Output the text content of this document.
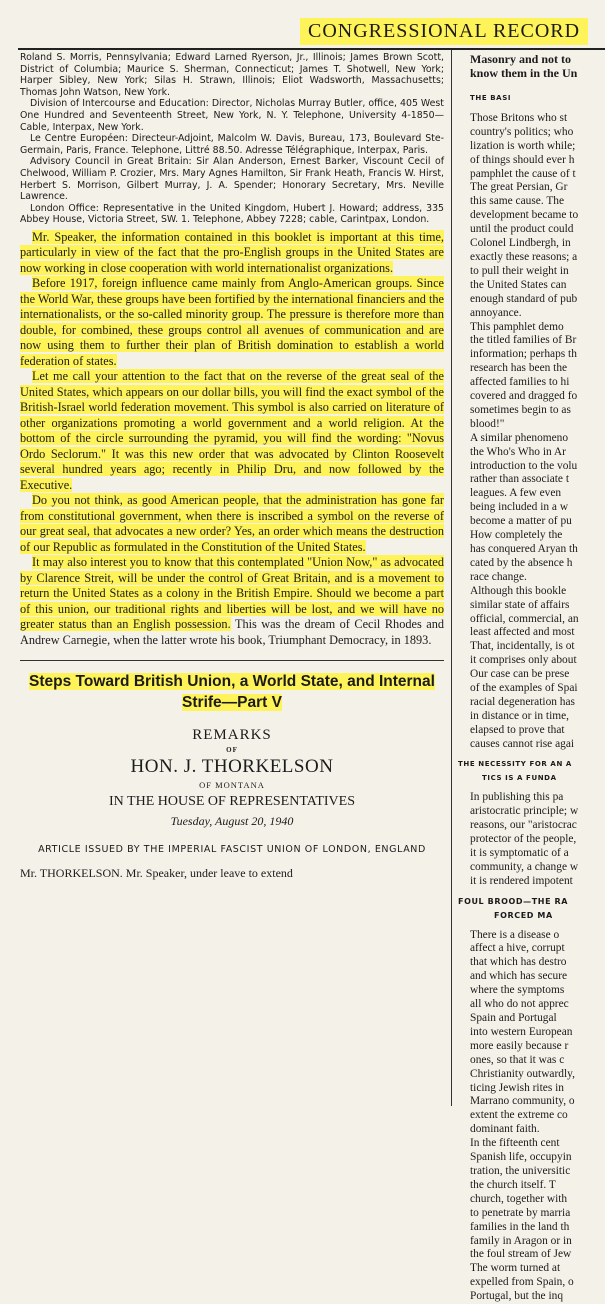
CONGRESSIONAL RECORD

Roland S. Morris, Pennsylvania; Edward Larned Ryerson, Jr., Illinois; James Brown Scott, District of Columbia; Maurice S. Sherman, Connecticut; James T. Shotwell, New York; Harper Sibley, New York; Silas H. Strawn, Illinois; Eliot Wadsworth, Massachusetts; Thomas John Watson, New York.

Division of Intercourse and Education: Director, Nicholas Murray Butler, office, 405 West One Hundred and Seventeenth Street, New York, N. Y. Telephone, University 4-1850—Cable, Interpax, New York.

Le Centre Européen: Directeur-Adjoint, Malcolm W. Davis, Bureau, 173, Boulevard Ste-Germain, Paris, France. Telephone, Littré 88.50. Adresse Télégraphique, Interpax, Paris.

Advisory Council in Great Britain: Sir Alan Anderson, Ernest Barker, Viscount Cecil of Chelwood, William P. Crozier, Mrs. Mary Agnes Hamilton, Sir Frank Heath, Francis W. Hirst, Herbert S. Morrison, Gilbert Murray, J. A. Spender; Honorary Secretary, Mrs. Neville Lawrence.

London Office: Representative in the United Kingdom, Hubert J. Howard; address, 335 Abbey House, Victoria Street, SW. 1. Telephone, Abbey 7228; cable, Carintpax, London.

Mr. Speaker, the information contained in this booklet is important at this time, particularly in view of the fact that the pro-English groups in the United States are now working in close cooperation with world internationalist organizations.

Before 1917, foreign influence came mainly from Anglo-American groups. Since the World War, these groups have been fortified by the international financiers and the internationalists, or the so-called minority group. The pressure is therefore more than double, for combined, these groups control all avenues of communication and are now using them to further their plan of British domination to establish a world federation of states.

Let me call your attention to the fact that on the reverse of the great seal of the United States, which appears on our dollar bills, you will find the exact symbol of the British-Israel world federation movement. This symbol is also carried on literature of other organizations promoting a world government and a world religion. At the bottom of the circle surrounding the pyramid, you will find the wording: "Novus Ordo Seclorum." It was this new order that was advocated by Clinton Roosevelt several hundred years ago; recently in Philip Dru, and now followed by the Executive.

Do you not think, as good American people, that the administration has gone far from constitutional government, when there is inscribed a symbol on the reverse of our great seal, that advocates a new order? Yes, an order which means the destruction of our Republic as formulated in the Constitution of the United States.

It may also interest you to know that this contemplated "Union Now," as advocated by Clarence Streit, will be under the control of Great Britain, and is a movement to return the United States as a colony in the British Empire. Should we become a part of this union, our traditional rights and liberties will be lost, and we will have no greater status than an English possession. This was the dream of Cecil Rhodes and Andrew Carnegie, when the latter wrote his book, Triumphant Democracy, in 1893.

Steps Toward British Union, a World State, and Internal Strife—Part V

REMARKS
OF
HON. J. THORKELSON
OF MONTANA
IN THE HOUSE OF REPRESENTATIVES
Tuesday, August 20, 1940
ARTICLE ISSUED BY THE IMPERIAL FASCIST UNION OF LONDON, ENGLAND
Mr. THORKELSON. Mr. Speaker, under leave to extend

Masonry and not to

know them in the Un

THE BASI

Those Britons who st

country's politics; who

lization is worth while;

of things should ever h

pamphlet the cause of t

The great Persian, Gr

this same cause. The

development became to

until the product could

Colonel Lindbergh, in

exactly these reasons; a

to pull their weight in

the United States can

enough standard of pub

annoyance.

This pamphlet demo

the titled families of Br

information; perhaps th

research has been the

affected families to hi

covered and dragged fo

sometimes begin to as

blood!"

A similar phenomeno

the Who's Who in Ar

introduction to the volu

rather than associate t

leagues. A few even

being included in a w

become a matter of pu

How completely the

has conquered Aryan th

cated by the absence h

race change.

Although this bookle

similar state of affairs

official, commercial, an

least affected and most

That, incidentally, is ot

it comprises only about

Our case can be prese

of the examples of Spai

racial degeneration has

in distance or in time,

elapsed to prove that

causes cannot rise agai

THE NECESSITY FOR AN A
TICS IS A FUNDA

In publishing this pa

aristocratic principle; w

reasons, our "aristocrac

protector of the people,

it is symptomatic of a

community, a change w

it is rendered impotent

FOUL BROOD—THE RA
FORCED MA

There is a disease o

affect a hive, corrupt

that which has destro

and which has secure

where the symptoms

all who do not apprec

Spain and Portugal

into western European

more easily because r

ones, so that it was c

Christianity outwardly,

ticing Jewish rites in

Marrano community, o

extent the extreme co

dominant faith.

In the fifteenth cent

Spanish life, occupyin

tration, the universitic

the church itself. T

church, together with

to penetrate by marria

families in the land th

family in Aragon or in

the foul stream of Jew

The worm turned at

expelled from Spain, o

Portugal, but the inq
